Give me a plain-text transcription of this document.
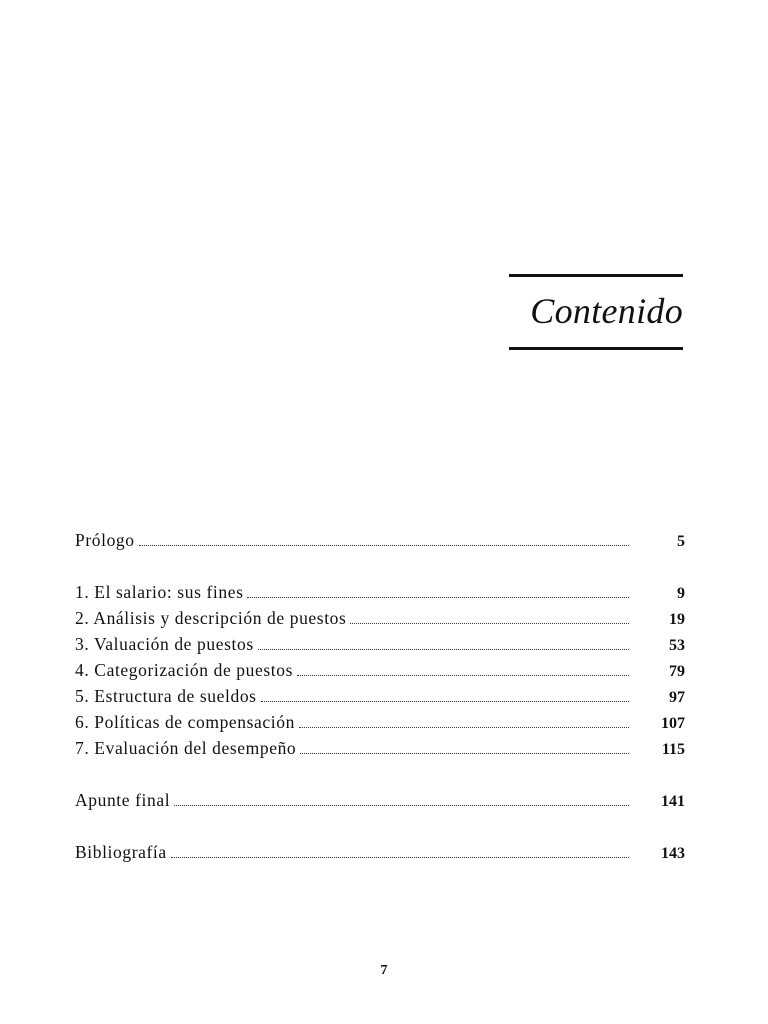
Contenido
Prólogo	5
1. El salario: sus fines	9
2. Análisis y descripción de puestos	19
3. Valuación de puestos	53
4. Categorización de puestos	79
5. Estructura de sueldos	97
6. Políticas de compensación	107
7. Evaluación del desempeño	115
Apunte final	141
Bibliografía	143
7
